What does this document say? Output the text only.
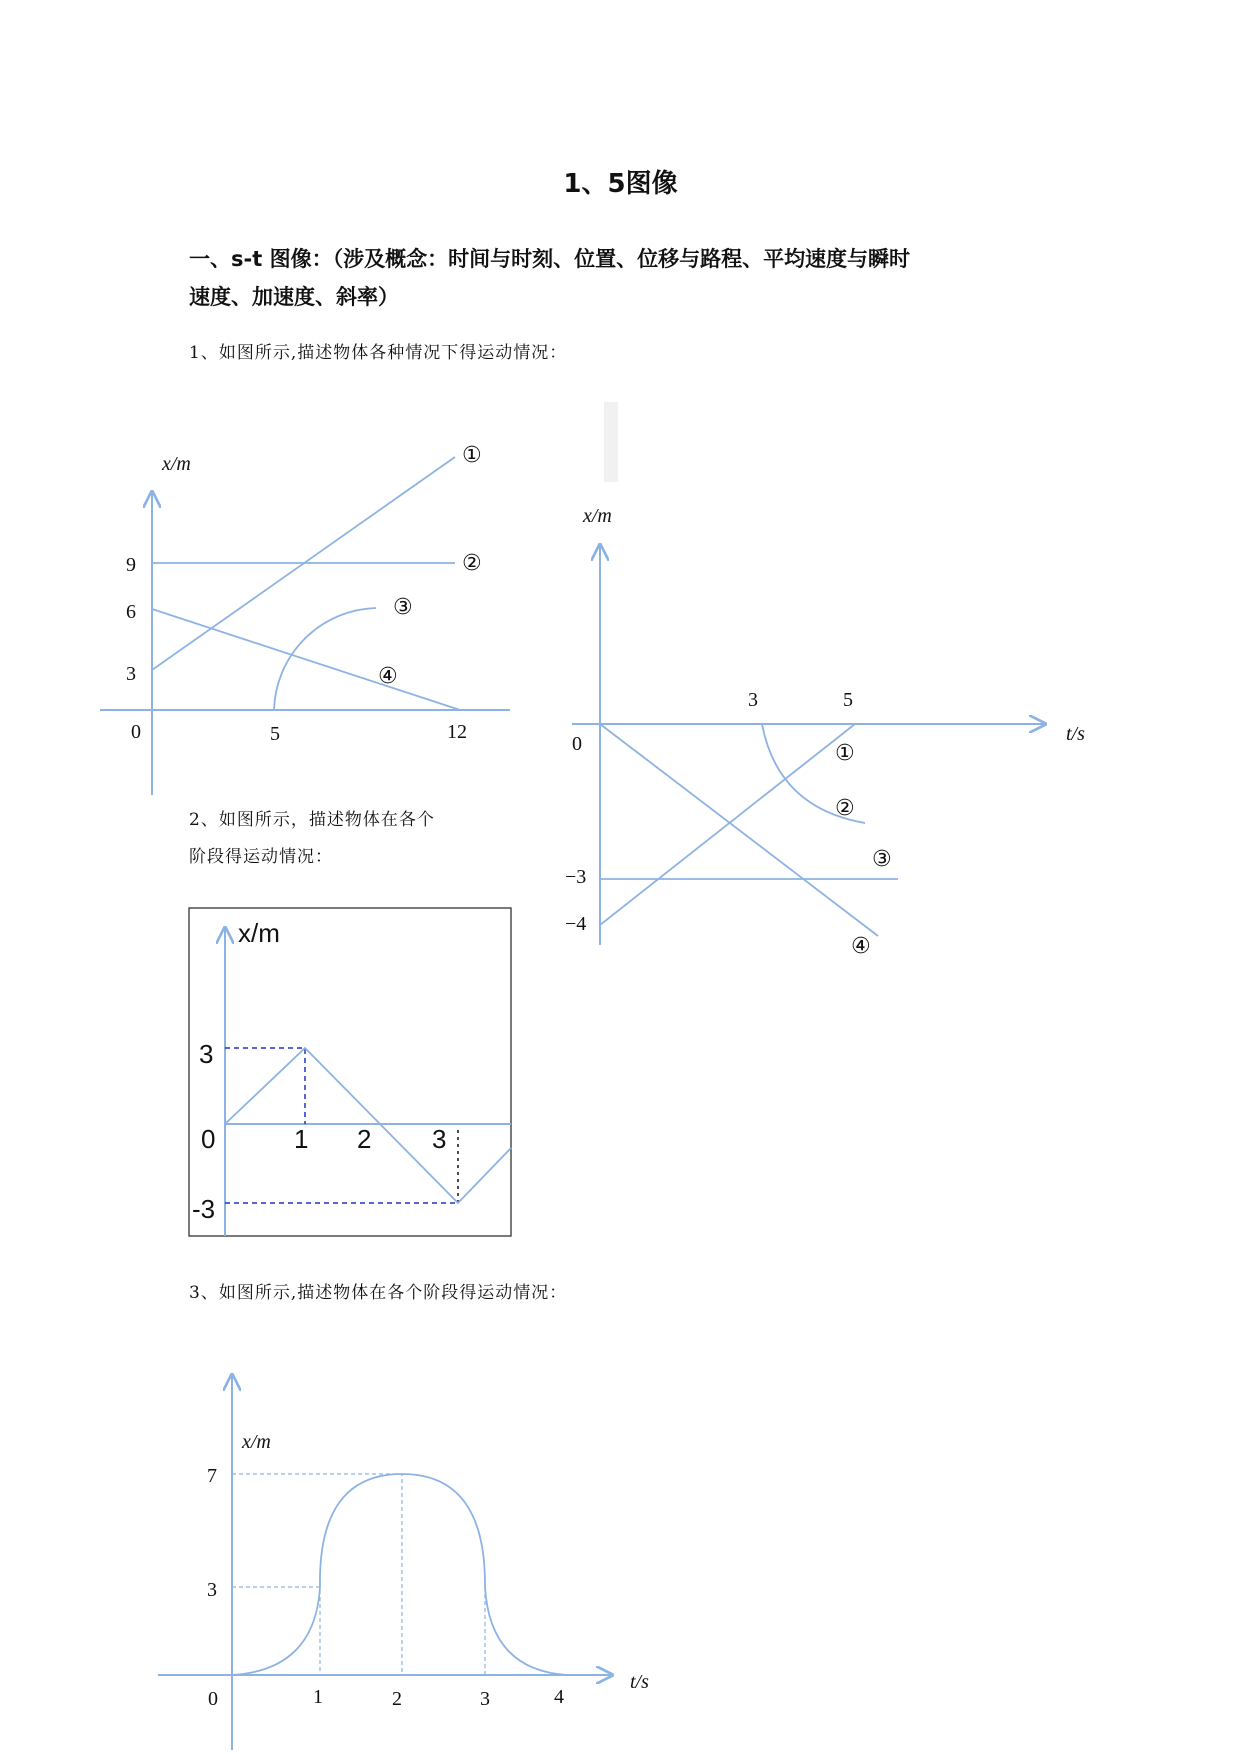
1、5图像
一、s-t 图像：（涉及概念：时间与时刻、位置、位移与路程、平均速度与瞬时
速度、加速度、斜率）
1、如图所示,描述物体各种情况下得运动情况：
2、如图所示，描述物体在各个
阶段得运动情况：
3、如图所示,描述物体在各个阶段得运动情况：
x/m
9
6
3
0	5	12
①
②
③
④
x/m
t/s
0
−3
−4
3	5
①
②
③
④
x/m
3
0
-3
1 2 3
x/m
t/s
7
3
0	1	2	3	4
